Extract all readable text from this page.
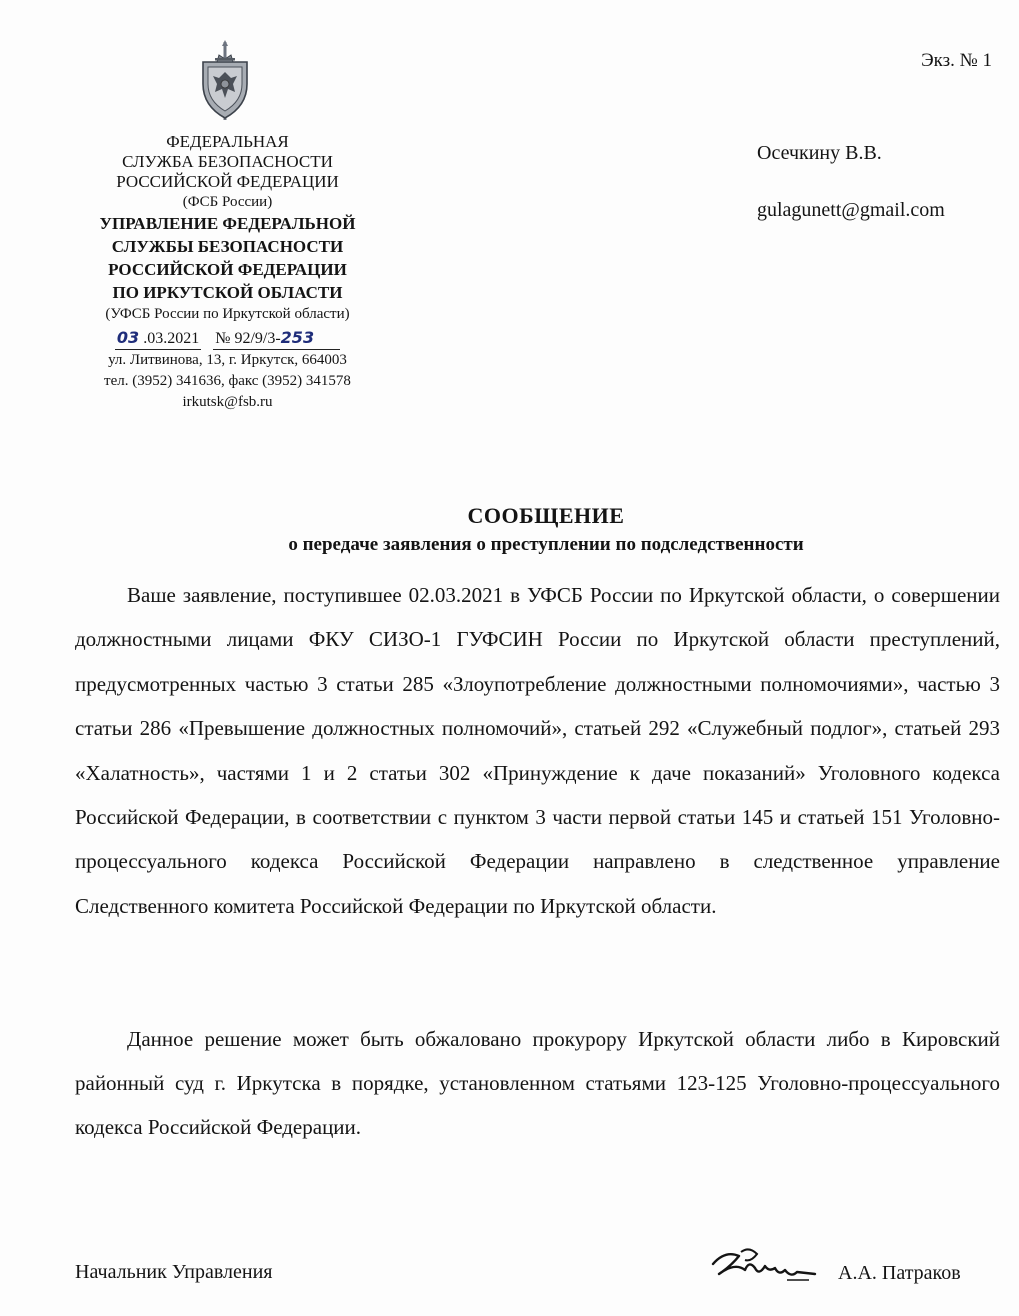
ФЕДЕРАЛЬНАЯ
СЛУЖБА БЕЗОПАСНОСТИ
РОССИЙСКОЙ ФЕДЕРАЦИИ
(ФСБ России)
УПРАВЛЕНИЕ ФЕДЕРАЛЬНОЙ
СЛУЖБЫ БЕЗОПАСНОСТИ
РОССИЙСКОЙ ФЕДЕРАЦИИ
ПО ИРКУТСКОЙ ОБЛАСТИ
(УФСБ России по Иркутской области)
03 .03.2021 № 92/9/3-253
ул. Литвинова, 13, г. Иркутск, 664003
тел. (3952) 341636, факс (3952) 341578
irkutsk@fsb.ru
Экз. № 1
Осечкину В.В.
gulagunett@gmail.com
СООБЩЕНИЕ
о передаче заявления о преступлении по подследственности

Ваше заявление, поступившее 02.03.2021 в УФСБ России по Иркутской области, о совершении должностными лицами ФКУ СИЗО-1 ГУФСИН России по Иркутской области преступлений, предусмотренных частью 3 статьи 285 «Злоупотребление должностными полномочиями», частью 3 статьи 286 «Превышение должностных полномочий», статьей 292 «Служебный подлог», статьей 293 «Халатность», частями 1 и 2 статьи 302 «Принуждение к даче показаний» Уголовного кодекса Российской Федерации, в соответствии с пунктом 3 части первой статьи 145 и статьей 151 Уголовно-процессуального кодекса Российской Федерации направлено в следственное управление Следственного комитета Российской Федерации по Иркутской области.

Данное решение может быть обжаловано прокурору Иркутской области либо в Кировский районный суд г. Иркутска в порядке, установленном статьями 123-125 Уголовно-процессуального кодекса Российской Федерации.
Начальник Управления	А.А. Патраков
